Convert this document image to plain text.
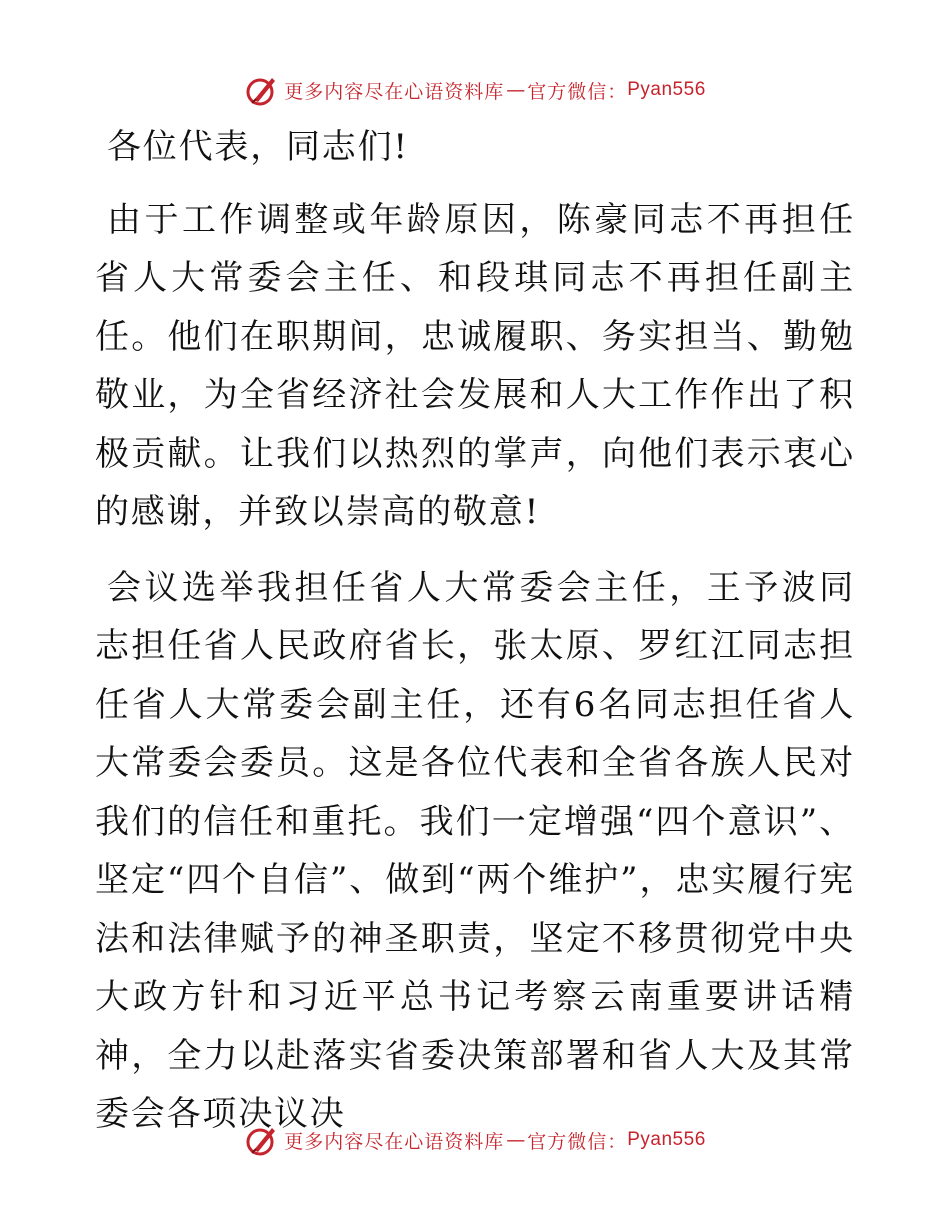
更多内容尽在心语资料库 — 官方微信： Pyan556

各位代表，同志们!

由于工作调整或年龄原因，陈豪同志不再担任省人大常委会主任、和段琪同志不再担任副主任。他们在职期间，忠诚履职、务实担当、勤勉敬业，为全省经济社会发展和人大工作作出了积极贡献。让我们以热烈的掌声，向他们表示衷心的感谢，并致以崇高的敬意!

会议选举我担任省人大常委会主任，王予波同志担任省人民政府省长，张太原、罗红江同志担任省人大常委会副主任，还有6名同志担任省人大常委会委员。这是各位代表和全省各族人民对我们的信任和重托。我们一定增强“四个意识”、坚定“四个自信”、做到“两个维护”，忠实履行宪法和法律赋予的神圣职责，坚定不移贯彻党中央大政方针和习近平总书记考察云南重要讲话精神，全力以赴落实省委决策部署和省人大及其常委会各项决议决

更多内容尽在心语资料库 — 官方微信： Pyan556
